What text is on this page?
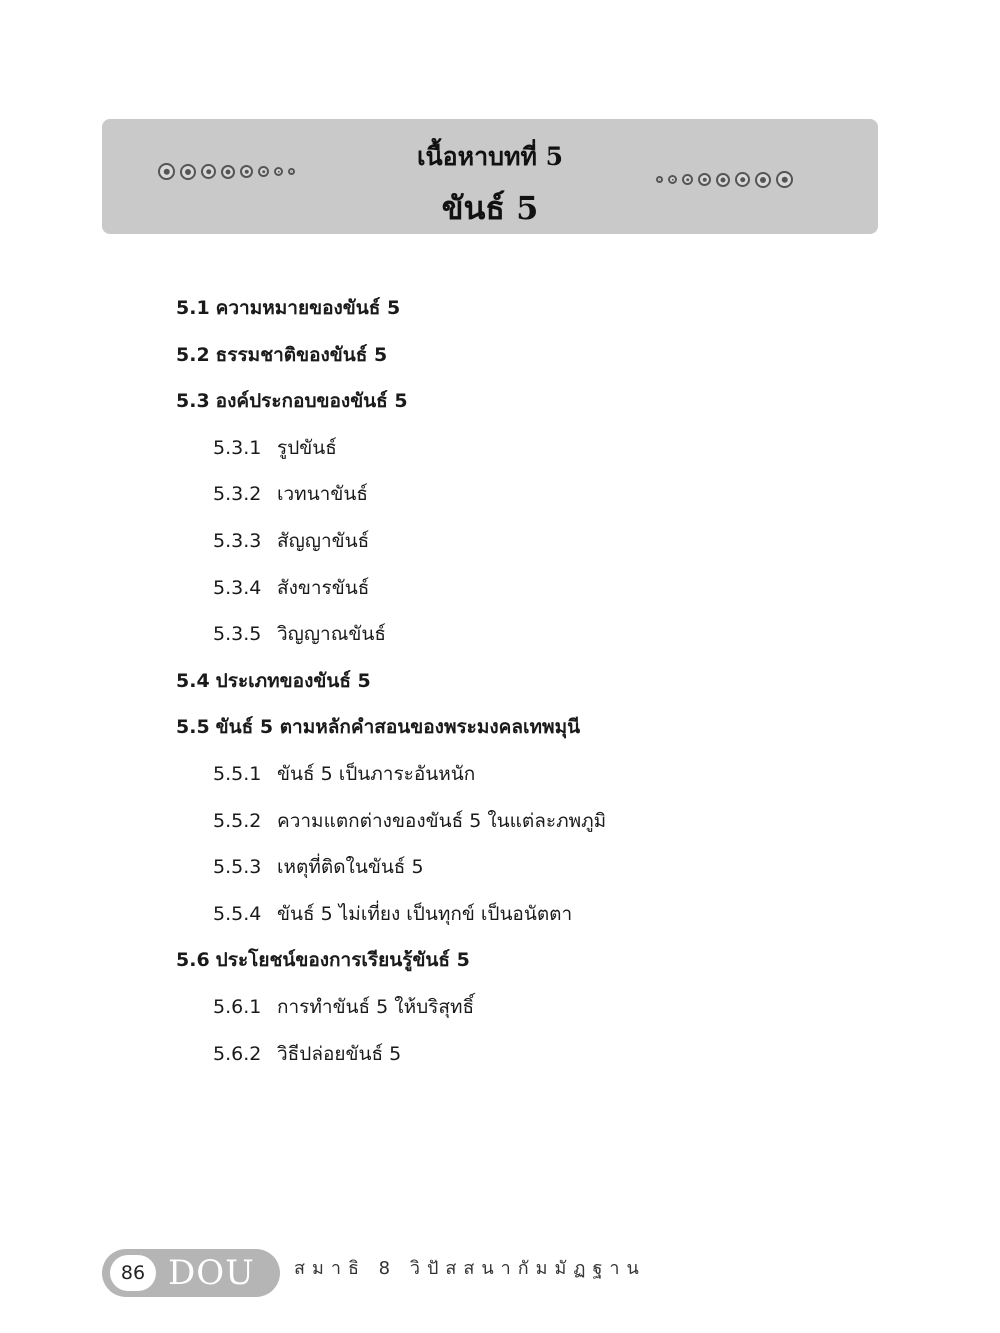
เนื้อหาบทที่ 5
ขันธ์ 5
5.1 ความหมายของขันธ์ 5
5.2 ธรรมชาติของขันธ์ 5
5.3 องค์ประกอบของขันธ์ 5
5.3.1 รูปขันธ์
5.3.2 เวทนาขันธ์
5.3.3 สัญญาขันธ์
5.3.4 สังขารขันธ์
5.3.5 วิญญาณขันธ์
5.4 ประเภทของขันธ์ 5
5.5 ขันธ์ 5 ตามหลักคำสอนของพระมงคลเทพมุนี
5.5.1 ขันธ์ 5 เป็นภาระอันหนัก
5.5.2 ความแตกต่างของขันธ์ 5 ในแต่ละภพภูมิ
5.5.3 เหตุที่ติดในขันธ์ 5
5.5.4 ขันธ์ 5 ไม่เที่ยง เป็นทุกข์ เป็นอนัตตา
5.6 ประโยชน์ของการเรียนรู้ขันธ์ 5
5.6.1 การทำขันธ์ 5 ให้บริสุทธิ์
5.6.2 วิธีปล่อยขันธ์ 5
86 DOU สมาธิ 8 วิปัสสนากัมมัฏฐาน
